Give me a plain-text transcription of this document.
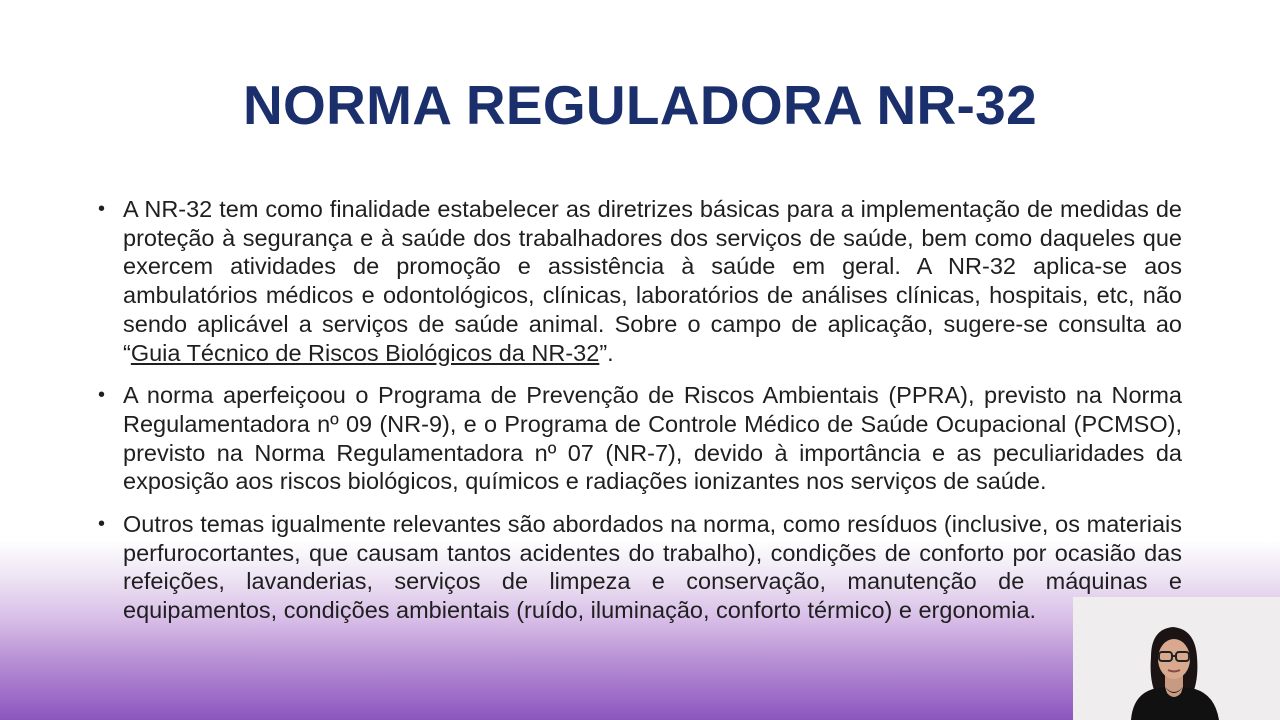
NORMA REGULADORA NR-32
• A NR-32 tem como finalidade estabelecer as diretrizes básicas para a implementação de medidas de proteção à segurança e à saúde dos trabalhadores dos serviços de saúde, bem como daqueles que exercem atividades de promoção e assistência à saúde em geral. A NR-32 aplica-se aos ambulatórios médicos e odontológicos, clínicas, laboratórios de análises clínicas, hospitais, etc, não sendo aplicável a serviços de saúde animal. Sobre o campo de aplicação, sugere-se consulta ao “Guia Técnico de Riscos Biológicos da NR-32”.
• A norma aperfeiçoou o Programa de Prevenção de Riscos Ambientais (PPRA), previsto na Norma Regulamentadora nº 09 (NR-9), e o Programa de Controle Médico de Saúde Ocupacional (PCMSO), previsto na Norma Regulamentadora nº 07 (NR-7), devido à importância e as peculiaridades da exposição aos riscos biológicos, químicos e radiações ionizantes nos serviços de saúde.
• Outros temas igualmente relevantes são abordados na norma, como resíduos (inclusive, os materiais perfurocortantes, que causam tantos acidentes do trabalho), condições de conforto por ocasião das refeições, lavanderias, serviços de limpeza e conservação, manutenção de máquinas e equipamentos, condições ambientais (ruído, iluminação, conforto térmico) e ergonomia.
